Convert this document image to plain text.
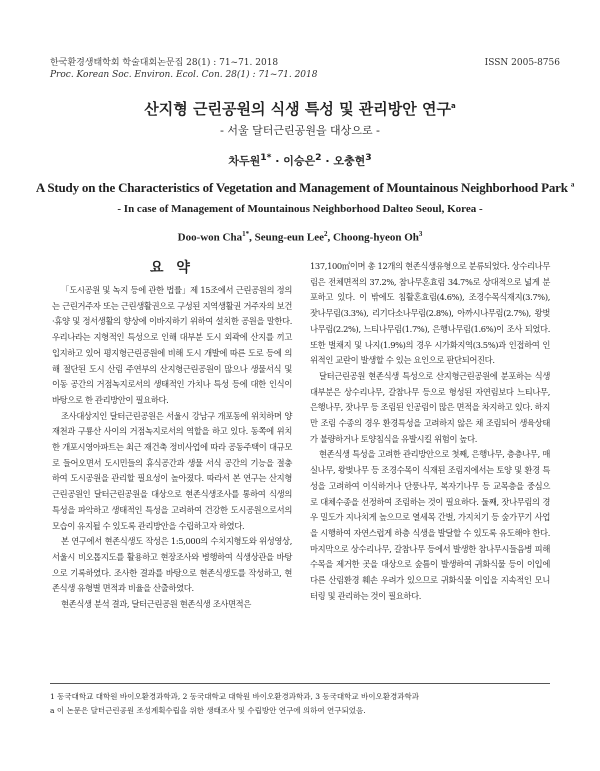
한국환경생태학회 학술대회논문집 28(1) : 71~71. 2018
Proc. Korean Soc. Environ. Ecol. Con. 28(1) : 71~71. 2018
ISSN 2005-8756
산지형 근린공원의 식생 특성 및 관리방안 연구$^a$
- 서울 달터근린공원을 대상으로 -
차두원$^{1*}$ · 이승은$^2$ · 오충현$^3$
A Study on the Characteristics of Vegetation and Management of Mountainous Neighborhood Park $^a$
- In case of Management of Mountainous Neighborhood Dalteo Seoul, Korea -
Doo-won Cha$^{1*}$, Seung-eun Lee$^2$, Choong-hyeon Oh$^3$
요 약

「도시공원 및 녹지 등에 관한 법률」제 15조에서 근린공원의 정의는 근린거주자 또는 근린생활권으로 구성된 지역생활권 거주자의 보건·휴양 및 정서생활의 향상에 이바지하기 위하여 설치한 공원을 말한다. 우리나라는 지형적인 특성으로 인해 대부분 도시 외곽에 산지를 끼고 입지하고 있어 평지형근린공원에 비해 도시 개발에 따른 도로 등에 의해 절단된 도시 산림 주연부의 산지형근린공원이 많으나 생물서식 및 이동 공간의 거점녹지로서의 생태적인 가치나 특성 등에 대한 인식이 바탕으로 한 관리방안이 필요하다.

조사대상지인 달터근린공원은 서울시 강남구 개포동에 위치하며 양재천과 구룡산 사이의 거점녹지로서의 역할을 하고 있다. 동쪽에 위치한 개포시영아파트는 최근 재건축 정비사업에 따라 공동주택이 대규모로 들어오면서 도시민들의 휴식공간과 생물 서식 공간의 기능을 절충하여 도시공원을 관리할 필요성이 높아졌다. 따라서 본 연구는 산지형 근린공원인 달터근린공원을 대상으로 현존식생조사를 통하여 식생의 특성을 파악하고 생태적인 특성을 고려하여 건강한 도시공원으로서의 모습이 유지될 수 있도록 관리방안을 수립하고자 하였다.

본 연구에서 현존식생도 작성은 1:5,000의 수치지형도와 위성영상, 서울시 비오톱지도를 활용하고 현장조사와 병행하여 식생상관을 바탕으로 기록하였다. 조사한 결과를 바탕으로 현존식생도를 작성하고, 현존식생 유형별 면적과 비율을 산출하였다.

현존식생 분석 결과, 달터근린공원 현존식생 조사면적은

137,100㎡이며 총 12개의 현존식생유형으로 분류되었다. 상수리나무림은 전체면적의 37.2%, 참나무혼효림 34.7%로 상대적으로 넓게 분포하고 있다. 이 밖에도 침활혼효림(4.6%), 조경수목식재지(3.7%), 잣나무림(3.3%), 리기다소나무림(2.8%), 아까시나무림(2.7%), 왕벚나무림(2.2%), 느티나무림(1.7%), 은행나무림(1.6%)이 조사 되었다. 또한 벌채지 및 나지(1.9%)의 경우 시가화지역(3.5%)과 인접하여 인위적인 교란이 발생할 수 있는 요인으로 판단되어진다.

달터근린공원 현존식생 특성으로 산지형근린공원에 분포하는 식생 대부분은 상수리나무, 갈참나무 등으로 형성된 자연림보다 느티나무, 은행나무, 잣나무 등 조림된 인공림이 많은 면적을 차지하고 있다. 하지만 조림 수종의 경우 환경특성을 고려하지 않은 채 조림되어 생육상태가 불량하거나 토양침식을 유발시킬 위험이 높다.

현존식생 특성을 고려한 관리방안으로 첫째, 은행나무, 층층나무, 매실나무, 왕벚나무 등 조경수목이 식재된 조림지에서는 토양 및 환경 특성을 고려하여 이식하거나 단풍나무, 복자기나무 등 교목층을 중심으로 대체수종을 선정하여 조림하는 것이 필요하다. 둘째, 잣나무림의 경우 밀도가 지나치게 높으므로 열세목 간벌, 가지치기 등 숲가꾸기 사업을 시행하여 자연스럽게 하층 식생을 발달할 수 있도록 유도해야 한다. 마지막으로 상수리나무, 갈참나무 등에서 발생한 참나무시들음병 피해 수목을 제거한 곳을 대상으로 숲틈이 발생하여 귀화식물 등이 이입에 다른 산림환경 훼손 우려가 있으므로 귀화식물 이입을 지속적인 모니터링 및 관리하는 것이 필요하다.

1 동국대학교 대학원 바이오환경과학과, 2 동국대학교 대학원 바이오환경과학과, 3 동국대학교 바이오환경과학과
a 이 논문은 달터근린공원 조성계획수립을 위한 생태조사 및 수립방안 연구에 의하여 연구되었음.
